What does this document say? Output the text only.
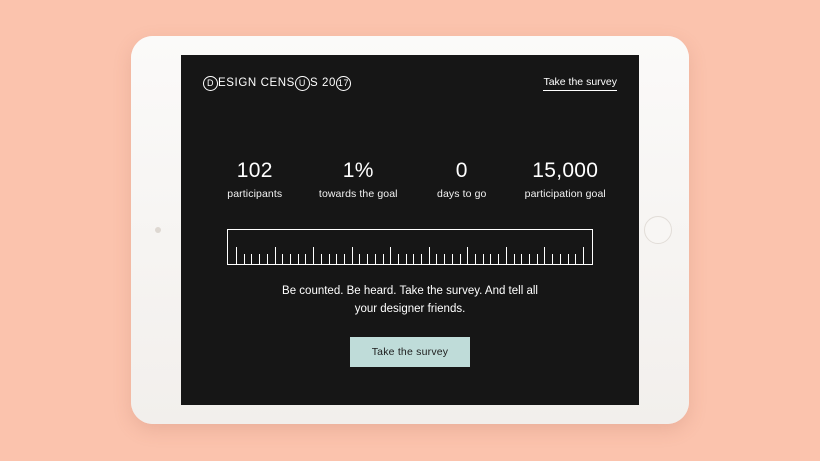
D ESIGN CENS U S 20 17	Take the survey
102
participants
1%
towards the goal
0
days to go
15,000
participation goal
Be counted. Be heard. Take the survey. And tell all
your designer friends.
Take the survey
